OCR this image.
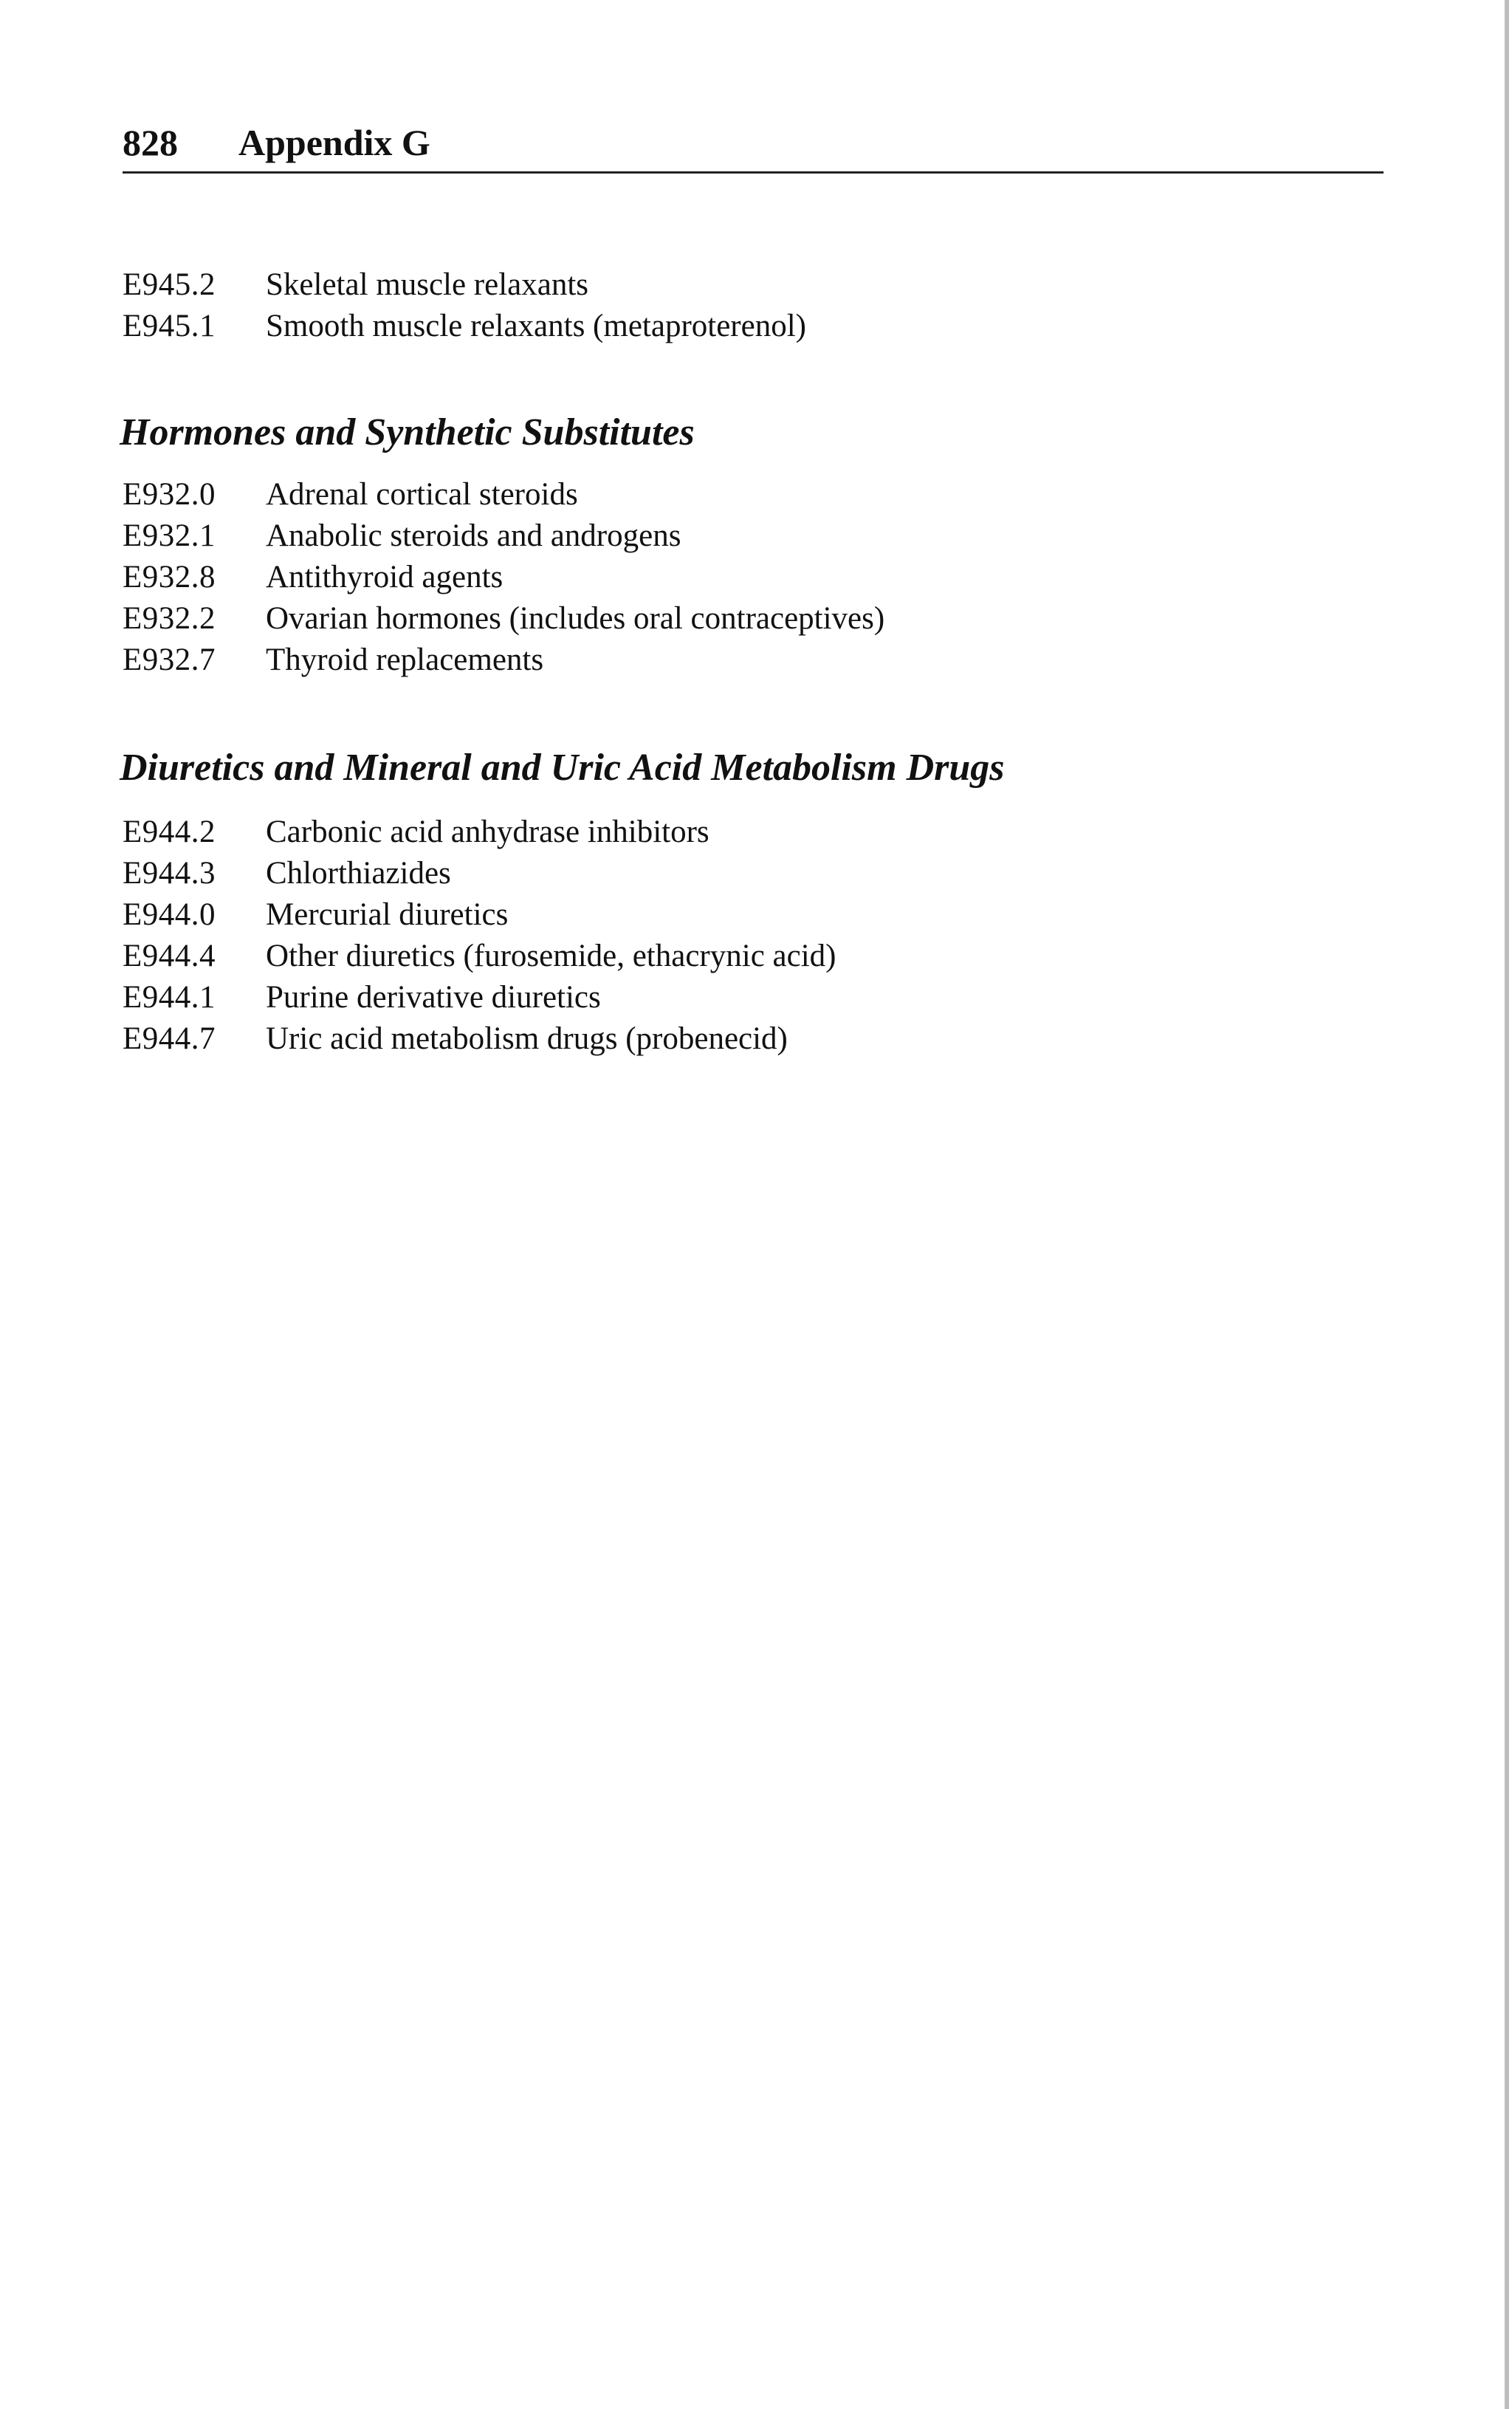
828 Appendix G
E945.2	Skeletal muscle relaxants
E945.1	Smooth muscle relaxants (metaproterenol)
Hormones and Synthetic Substitutes
E932.0	Adrenal cortical steroids
E932.1	Anabolic steroids and androgens
E932.8	Antithyroid agents
E932.2	Ovarian hormones (includes oral contraceptives)
E932.7	Thyroid replacements
Diuretics and Mineral and Uric Acid Metabolism Drugs
E944.2	Carbonic acid anhydrase inhibitors
E944.3	Chlorthiazides
E944.0	Mercurial diuretics
E944.4	Other diuretics (furosemide, ethacrynic acid)
E944.1	Purine derivative diuretics
E944.7	Uric acid metabolism drugs (probenecid)
